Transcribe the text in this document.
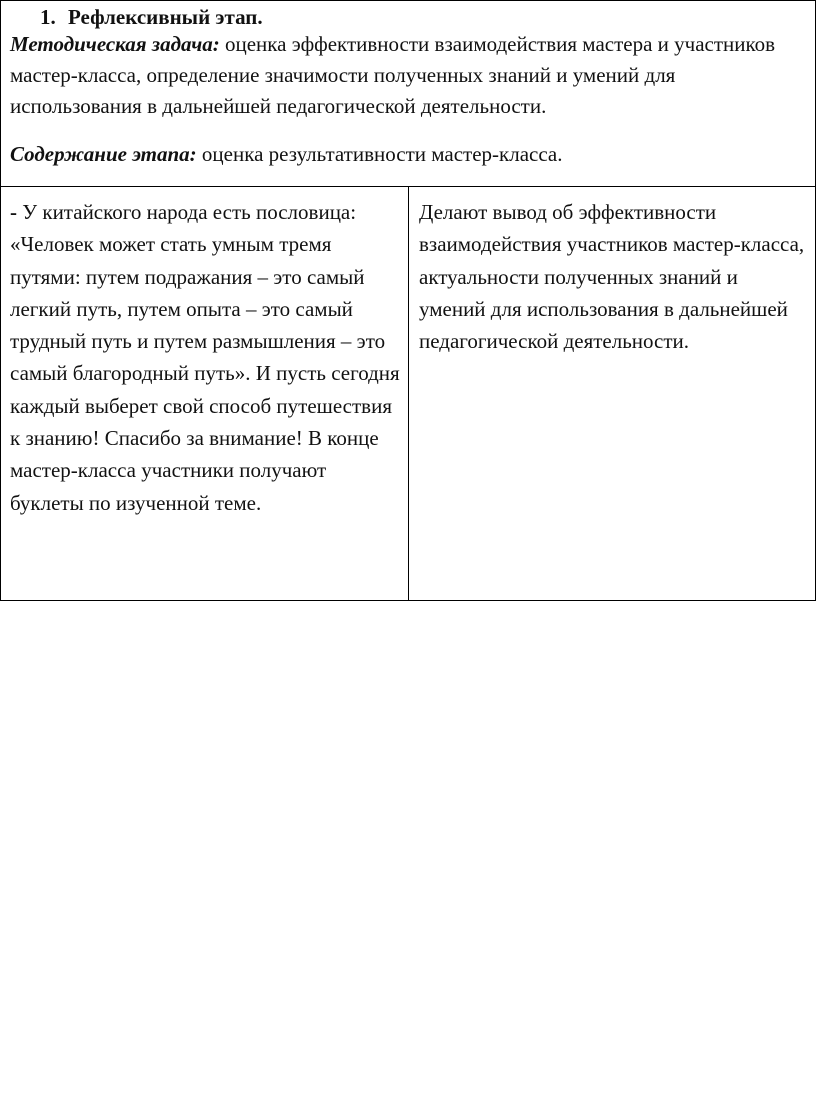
1. Рефлексивный этап.

Методическая задача: оценка эффективности взаимодействия мастера и участников мастер-класса, определение значимости полученных знаний и умений для использования в дальнейшей педагогической деятельности.

Содержание этапа: оценка результативности мастер-класса.

- У китайского народа есть пословица: «Человек может стать умным тремя путями: путем подражания – это самый легкий путь, путем опыта – это самый трудный путь и путем размышления – это самый благородный путь». И пусть сегодня каждый выберет свой способ путешествия к знанию! Спасибо за внимание! В конце мастер-класса участники получают буклеты по изученной теме.
Делают вывод об эффективности взаимодействия участников мастер-класса, актуальности полученных знаний и умений для использования в дальнейшей педагогической деятельности.
